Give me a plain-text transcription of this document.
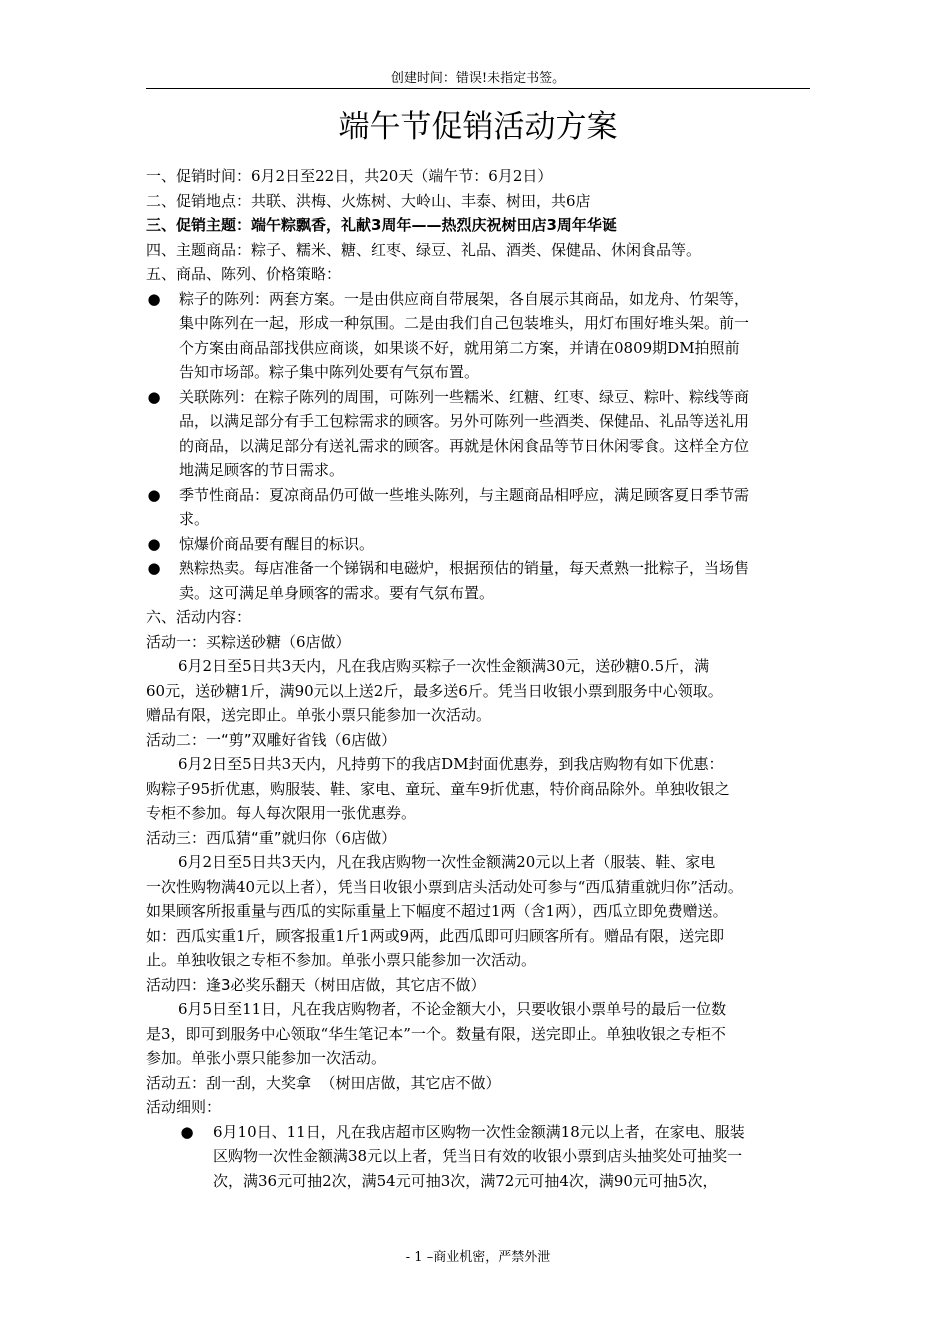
创建时间：错误!未指定书签。
端午节促销活动方案
一、促销时间：6月2日至22日，共20天（端午节：6月2日）
二、促销地点：共联、洪梅、火炼树、大岭山、丰泰、树田，共6店
三、促销主题：端午粽飘香，礼献3周年——热烈庆祝树田店3周年华诞
四、主题商品：粽子、糯米、糖、红枣、绿豆、礼品、酒类、保健品、休闲食品等。
五、商品、陈列、价格策略：
● 粽子的陈列：两套方案。一是由供应商自带展架，各自展示其商品，如龙舟、竹架等，
集中陈列在一起，形成一种氛围。二是由我们自己包装堆头，用灯布围好堆头架。前一
个方案由商品部找供应商谈，如果谈不好，就用第二方案，并请在0809期DM拍照前
告知市场部。粽子集中陈列处要有气氛布置。
● 关联陈列：在粽子陈列的周围，可陈列一些糯米、红糖、红枣、绿豆、粽叶、粽线等商
品，以满足部分有手工包粽需求的顾客。另外可陈列一些酒类、保健品、礼品等送礼用
的商品，以满足部分有送礼需求的顾客。再就是休闲食品等节日休闲零食。这样全方位
地满足顾客的节日需求。
● 季节性商品：夏凉商品仍可做一些堆头陈列，与主题商品相呼应，满足顾客夏日季节需
求。
● 惊爆价商品要有醒目的标识。
● 熟粽热卖。每店准备一个锑锅和电磁炉，根据预估的销量，每天煮熟一批粽子，当场售
卖。这可满足单身顾客的需求。要有气氛布置。
六、活动内容：
活动一：买粽送砂糖（6店做）
6月2日至5日共3天内，凡在我店购买粽子一次性金额满30元，送砂糖0.5斤，满
60元，送砂糖1斤，满90元以上送2斤，最多送6斤。凭当日收银小票到服务中心领取。
赠品有限，送完即止。单张小票只能参加一次活动。
活动二：一“剪”双雕好省钱（6店做）
6月2日至5日共3天内，凡持剪下的我店DM封面优惠券，到我店购物有如下优惠：
购粽子95折优惠，购服装、鞋、家电、童玩、童车9折优惠，特价商品除外。单独收银之
专柜不参加。每人每次限用一张优惠券。
活动三：西瓜猜“重”就归你（6店做）
6月2日至5日共3天内，凡在我店购物一次性金额满20元以上者（服装、鞋、家电
一次性购物满40元以上者），凭当日收银小票到店头活动处可参与“西瓜猜重就归你”活动。
如果顾客所报重量与西瓜的实际重量上下幅度不超过1两（含1两），西瓜立即免费赠送。
如：西瓜实重1斤，顾客报重1斤1两或9两，此西瓜即可归顾客所有。赠品有限，送完即
止。单独收银之专柜不参加。单张小票只能参加一次活动。
活动四：逢3必奖乐翻天（树田店做，其它店不做）
6月5日至11日，凡在我店购物者，不论金额大小，只要收银小票单号的最后一位数
是3，即可到服务中心领取“华生笔记本”一个。数量有限，送完即止。单独收银之专柜不
参加。单张小票只能参加一次活动。
活动五：刮一刮，大奖拿  （树田店做，其它店不做）
活动细则：
● 6月10日、11日，凡在我店超市区购物一次性金额满18元以上者，在家电、服装
区购物一次性金额满38元以上者，凭当日有效的收银小票到店头抽奖处可抽奖一
次，满36元可抽2次，满54元可抽3次，满72元可抽4次，满90元可抽5次，
- 1 –商业机密，严禁外泄
